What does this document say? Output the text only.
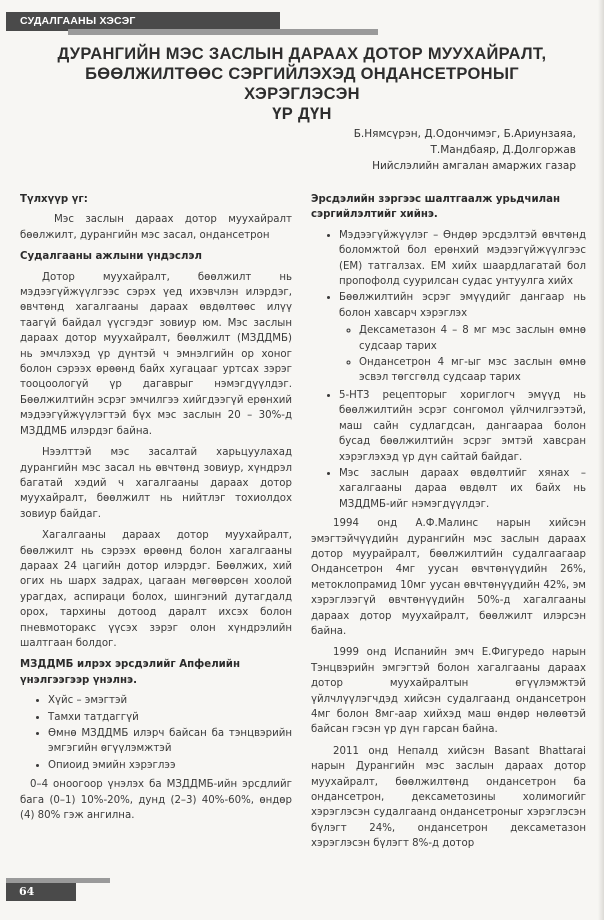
СУДАЛГААНЫ ХЭСЭГ
ДУРАНГИЙН МЭС ЗАСЛЫН ДАРААХ ДОТОР МУУХАЙРАЛТ,
БӨӨЛЖИЛТӨӨС СЭРГИЙЛЭХЭД ОНДАНСЕТРОНЫГ ХЭРЭГЛЭСЭН
ҮР ДҮН
Б.Нямсүрэн, Д.Одончимэг, Б.Ариунзаяа,
Т.Мандбаяр, Д.Долгоржав
Нийслэлийн амгалан амаржих газар
Түлхүүр үг:

Мэс заслын дараах дотор муухайралт бөөлжилт, дурангийн мэс засал, ондансетрон

Судалгааны ажлыни үндэслэл

Дотор муухайралт, бөөлжилт нь мэдээгүйжүүлгээс сэрэх үед ихэвчлэн илэрдэг, өвчтөнд хагалгааны дараах өвдөлтөөс илүү таагүй байдал үүсгэдэг зовиур юм. Мэс заслын дараах дотор муухайралт, бөөлжилт (МЗДДМБ) нь эмчлэхэд үр дүнтэй ч эмнэлгийн ор хоног болон сэрээх өрөөнд байх хугацааг уртсах зэрэг тооцоологүй үр дагаврыг нэмэгдүүлдэг. Бөөлжилтийн эсрэг эмчилгээ хийгдээгүй ерөнхий мэдээгүйжүүлэгтэй бүх мэс заслын 20 – 30%-д МЗДДМБ илэрдэг байна.

Нээлттэй мэс засалтай харьцуулахад дурангийн мэс засал нь өвчтөнд зовиур, хүндрэл багатай хэдий ч хагалгааны дараах дотор муухайралт, бөөлжилт нь нийтлэг тохиолдох зовиур байдаг.

Хагалгааны дараах дотор муухайралт, бөөлжилт нь сэрээх өрөөнд болон хагалгааны дараах 24 цагийн дотор илэрдэг. Бөөлжих, хий огих нь шарх задрах, цагаан мөгөөрсөн хоолой урагдах, аспираци болох, шингэний дутагдалд орох, тархины дотоод даралт ихсэх болон пневмоторакс үүсэх зэрэг олон хүндрэлийн шалтгаан болдог.

МЗДДМБ илрэх эрсдэлийг Апфелийн үнэлгээгээр үнэлнэ.
• Хүйс – эмэгтэй
• Тамхи татдаггүй
• Өмнө МЗДДМБ илэрч байсан ба тэнцвэрийн эмгэгийн өгүүлэмжтэй
• Опиоид эмийн хэрэглээ

0–4 оноогоор үнэлэх ба МЗДДМБ-ийн эрсдлийг бага (0–1) 10%-20%, дунд (2–3) 40%-60%, өндөр (4) 80% гэж ангилна.

Эрсдэлийн зэргээс шалтгаалж урьдчилан сэргийлэлтийг хийнэ.
• Мэдээгүйжүүлэг – Өндөр эрсдэлтэй өвчтөнд боломжтой бол ерөнхий мэдээгүйжүүлгээс (ЕМ) татгалзах. ЕМ хийх шаардлагатай бол пропофолд суурилсан судас унтуулга хийх
• Бөөлжилтийн эсрэг эмүүдийг дангаар нь болон хавсарч хэрэглэх
◦ Дексаметазон 4 – 8 мг мэс заслын өмнө судсаар тарих
◦ Ондансетрон 4 мг-ыг мэс заслын өмнө эсвэл төгсгөлд судсаар тарих
• 5-НТ3 рецепторыг хориглогч эмүүд нь бөөлжилтийн эсрэг сонгомол үйлчилгээтэй, маш сайн судлагдсан, дангаараа болон бусад бөөлжилтийн эсрэг эмтэй хавсран хэрэглэхэд үр дүн сайтай байдаг.
• Мэс заслын дараах өвдөлтийг хянах – хагалгааны дараа өвдөлт их байх нь МЗДДМБ-ийг нэмэгдүүлдэг.

1994 онд А.Ф.Малинс нарын хийсэн эмэгтэйчүүдийн дурангийн мэс заслын дараах дотор муурайралт, бөөлжилтийн судалгаагаар Ондансетрон 4мг уусан өвчтөнүүдийн 26%, метоклопрамид 10мг уусан өвчтөнүүдийн 42%, эм хэрэглээгүй өвчтөнүүдийн 50%-д хагалгааны дараах дотор муухайралт, бөөлжилт илэрсэн байна.

1999 онд Испанийн эмч Е.Фигуредо нарын Тэнцвэрийн эмгэгтэй болон хагалгааны дараах дотор муухайралтын өгүүлэмжтэй үйлчлүүлэгчдэд хийсэн судалгаанд ондансетрон 4мг болон 8мг-аар хийхэд маш өндөр нөлөөтэй байсан гэсэн үр дүн гарсан байна.

2011 онд Непалд хийсэн Basant Bhattarai нарын Дурангийн мэс заслын дараах дотор муухайралт, бөөлжилтөнд ондансетрон ба ондансетрон, дексаметозины холимогийг хэрэглэсэн судалгаанд ондансетроныг хэрэглэсэн бүлэгт 24%, ондансетрон дексаметазон хэрэглэсэн бүлэгт 8%-д дотор

64
